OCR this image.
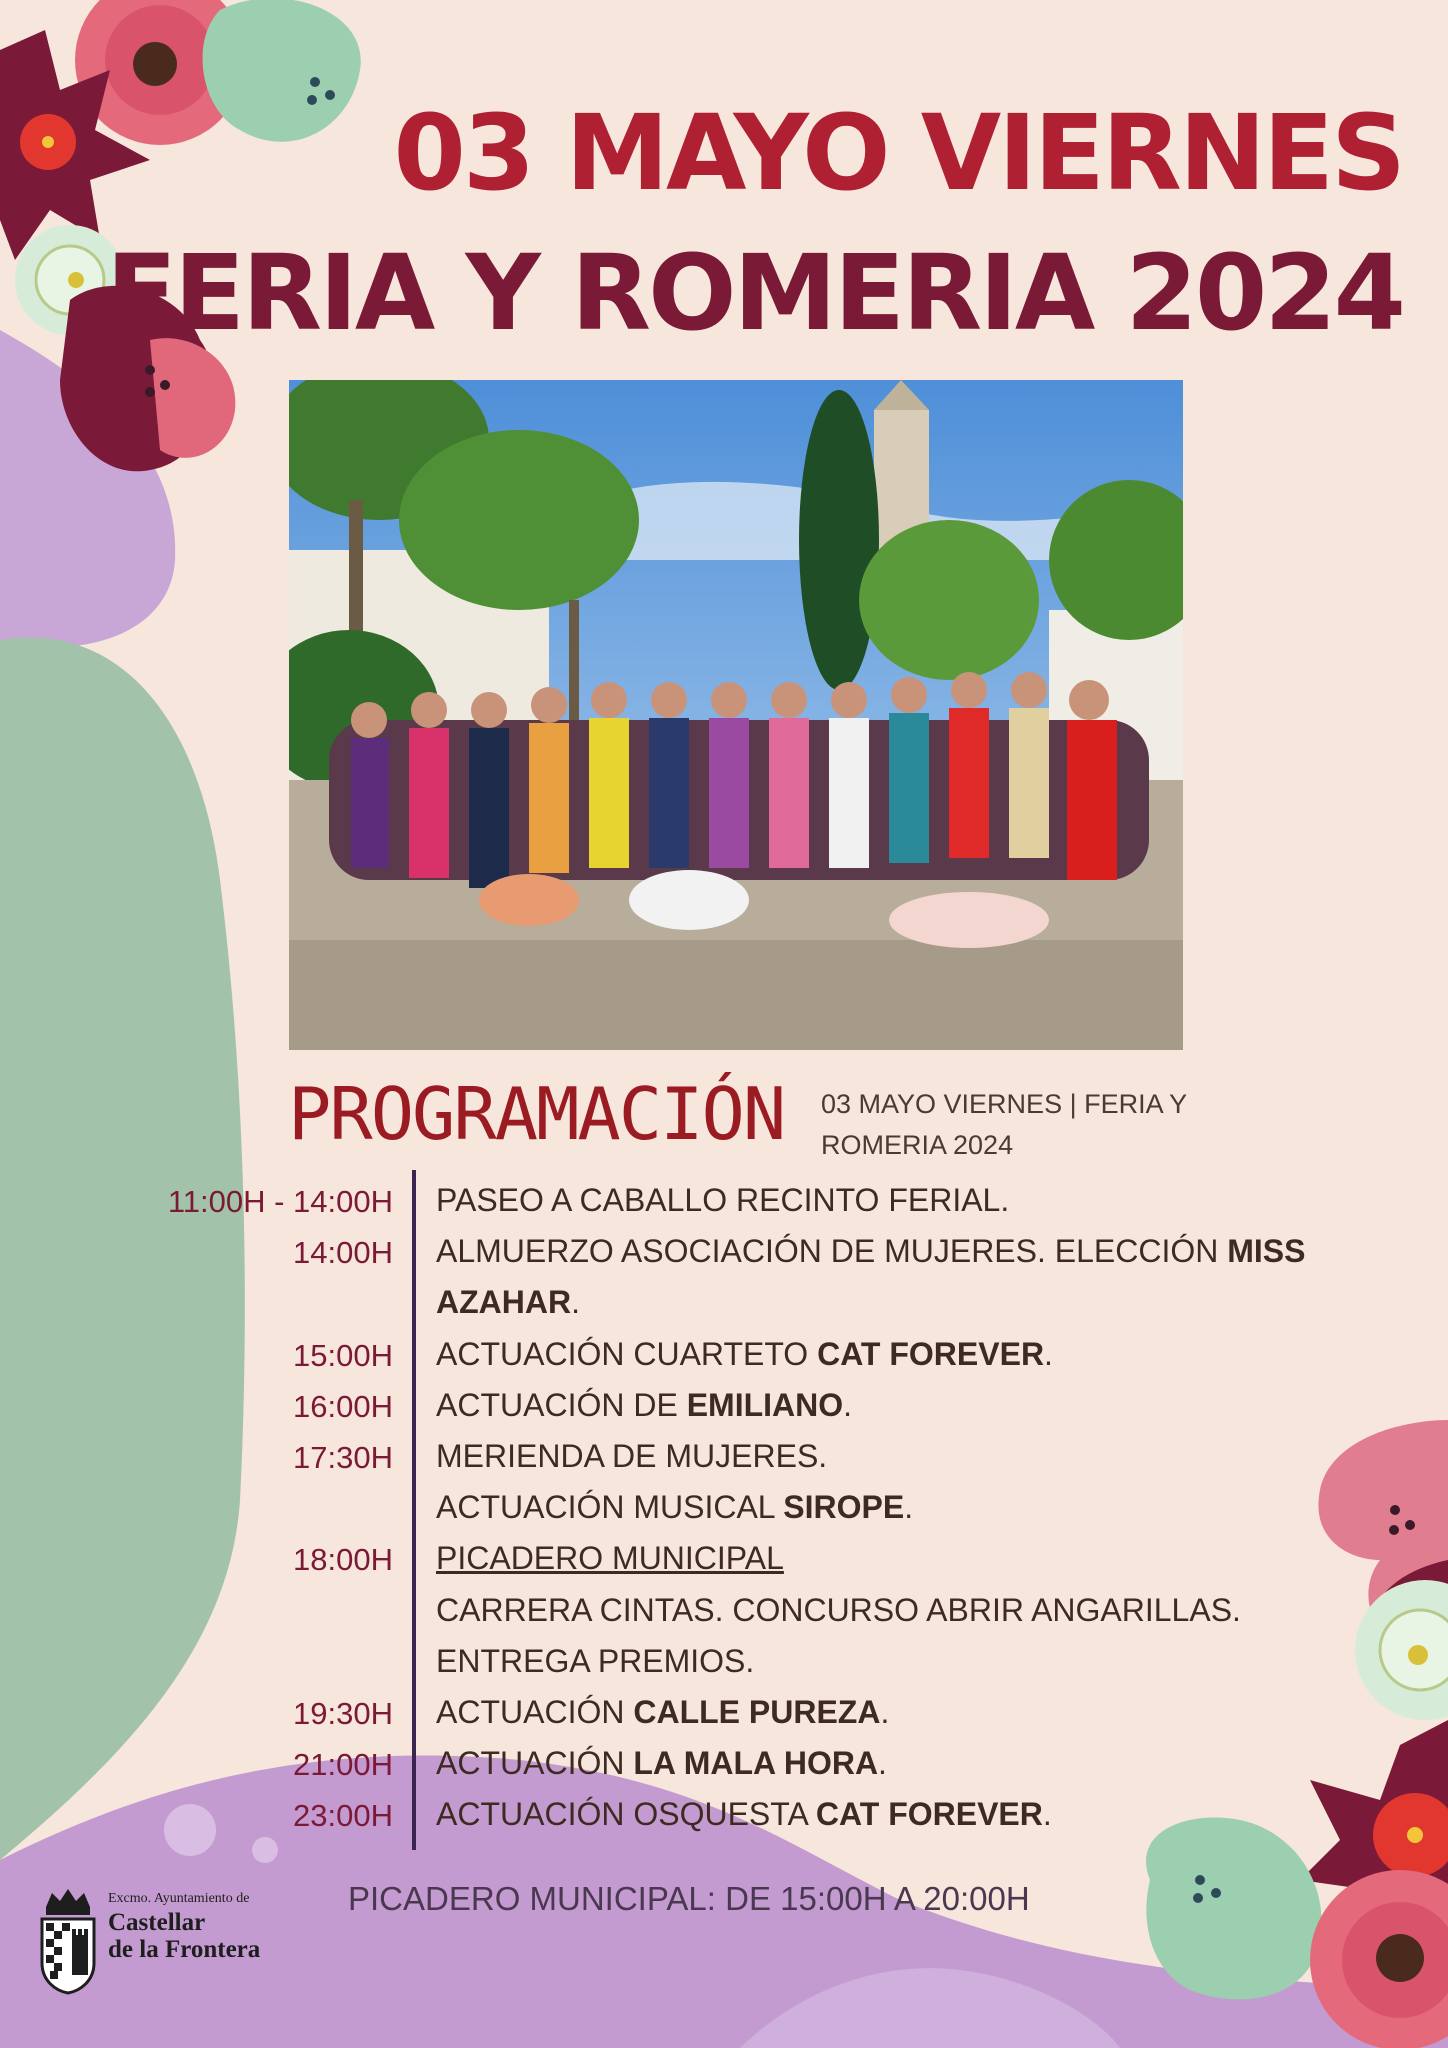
03 MAYO VIERNES
FERIA Y ROMERIA 2024
PROGRAMACIÓN 03 MAYO VIERNES | FERIA Y
ROMERIA 2024
11:00H - 14:00H PASEO A CABALLO RECINTO FERIAL.
14:00H ALMUERZO ASOCIACIÓN DE MUJERES. ELECCIÓN MISS
AZAHAR.
15:00H ACTUACIÓN CUARTETO CAT FOREVER.
16:00H ACTUACIÓN DE EMILIANO.
17:30H MERIENDA DE MUJERES.
ACTUACIÓN MUSICAL SIROPE.
18:00H PICADERO MUNICIPAL
CARRERA CINTAS. CONCURSO ABRIR ANGARILLAS.
ENTREGA PREMIOS.
19:30H ACTUACIÓN CALLE PUREZA.
21:00H ACTUACIÓN LA MALA HORA.
23:00H ACTUACIÓN OSQUESTA CAT FOREVER.
PICADERO MUNICIPAL: DE 15:00H A 20:00H
Excmo. Ayuntamiento de
Castellar
de la Frontera
